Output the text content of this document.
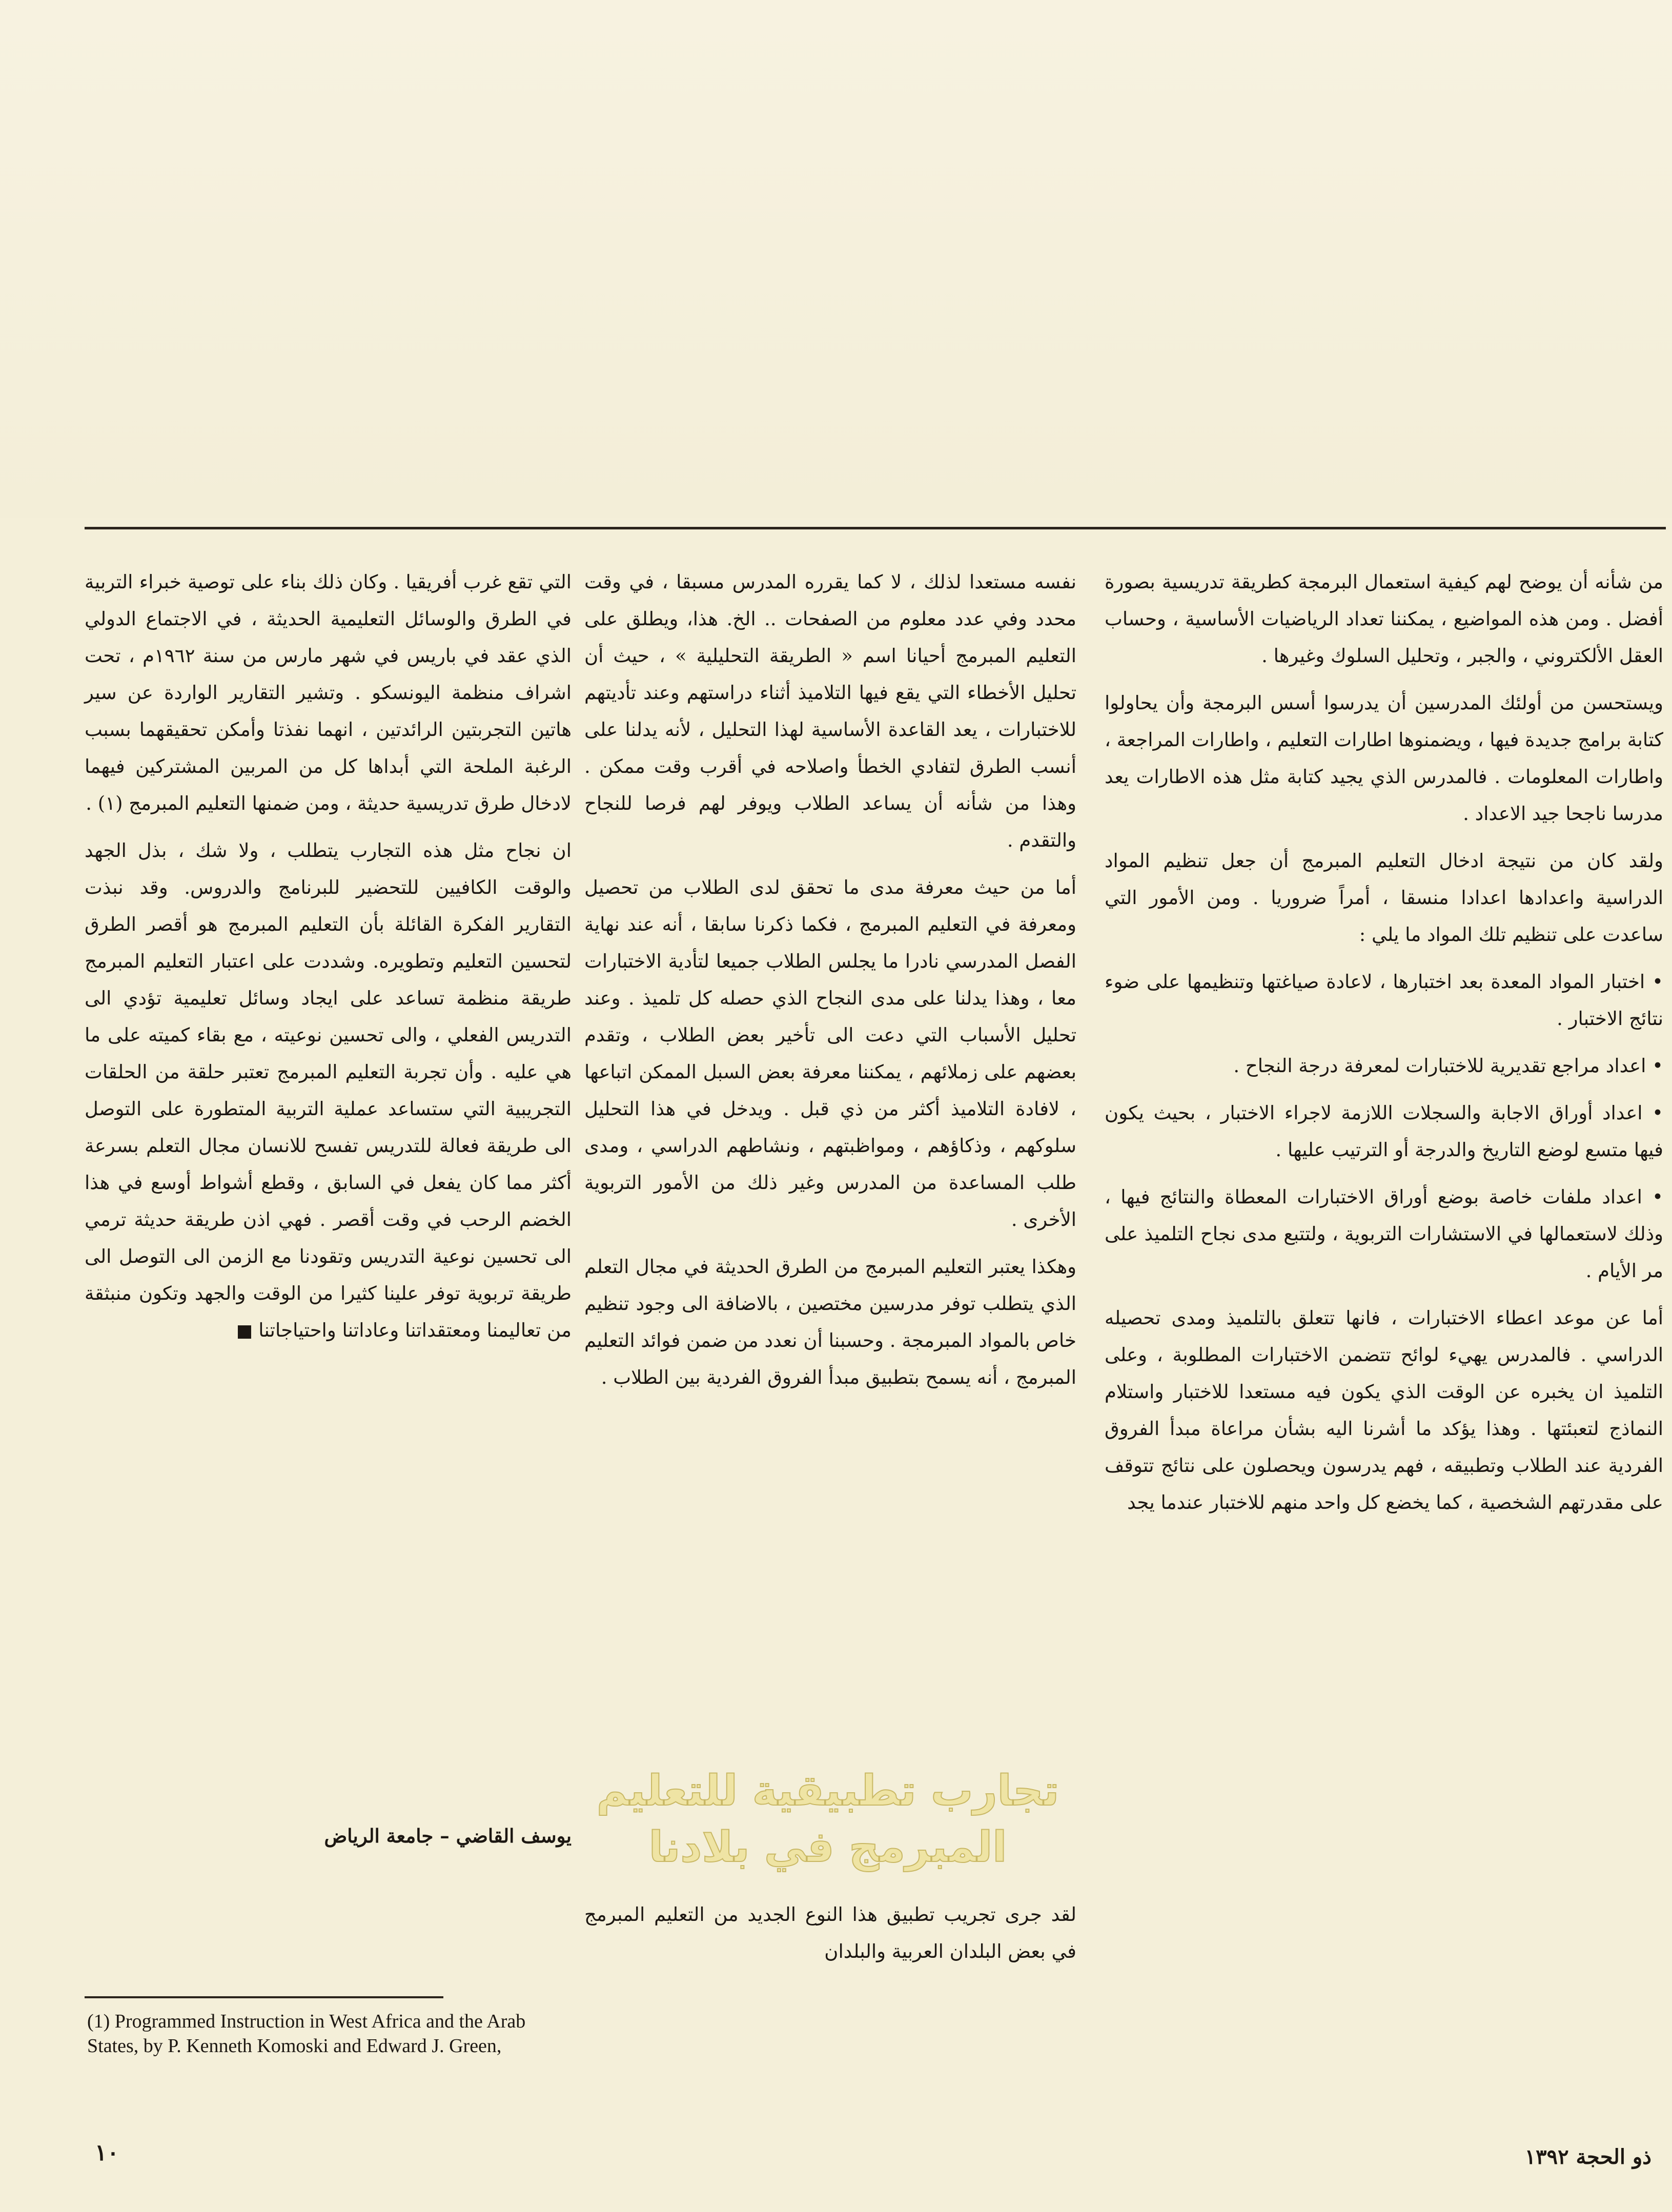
من شأنه أن يوضح لهم كيفية استعمال البرمجة كطريقة تدريسية بصورة أفضل . ومن هذه المواضيع ، يمكننا تعداد الرياضيات الأساسية ، وحساب العقل الألكتروني ، والجبر ، وتحليل السلوك وغيرها .

ويستحسن من أولئك المدرسين أن يدرسوا أسس البرمجة وأن يحاولوا كتابة برامج جديدة فيها ، ويضمنوها اطارات التعليم ، واطارات المراجعة ، واطارات المعلومات . فالمدرس الذي يجيد كتابة مثل هذه الاطارات يعد مدرسا ناجحا جيد الاعداد .

ولقد كان من نتيجة ادخال التعليم المبرمج أن جعل تنظيم المواد الدراسية واعدادها اعدادا منسقا ، أمراً ضروريا . ومن الأمور التي ساعدت على تنظيم تلك المواد ما يلي :

• اختبار المواد المعدة بعد اختبارها ، لاعادة صياغتها وتنظيمها على ضوء نتائج الاختبار .

• اعداد مراجع تقديرية للاختبارات لمعرفة درجة النجاح .

• اعداد أوراق الاجابة والسجلات اللازمة لاجراء الاختبار ، بحيث يكون فيها متسع لوضع التاريخ والدرجة أو الترتيب عليها .

• اعداد ملفات خاصة بوضع أوراق الاختبارات المعطاة والنتائج فيها ، وذلك لاستعمالها في الاستشارات التربوية ، ولتتبع مدى نجاح التلميذ على مر الأيام .

أما عن موعد اعطاء الاختبارات ، فانها تتعلق بالتلميذ ومدى تحصيله الدراسي . فالمدرس يهيء لوائح تتضمن الاختبارات المطلوبة ، وعلى التلميذ ان يخبره عن الوقت الذي يكون فيه مستعدا للاختبار واستلام النماذج لتعبئتها . وهذا يؤكد ما أشرنا اليه بشأن مراعاة مبدأ الفروق الفردية عند الطلاب وتطبيقه ، فهم يدرسون ويحصلون على نتائج تتوقف على مقدرتهم الشخصية ، كما يخضع كل واحد منهم للاختبار عندما يجد

نفسه مستعدا لذلك ، لا كما يقرره المدرس مسبقا ، في وقت محدد وفي عدد معلوم من الصفحات .. الخ. هذا، ويطلق على التعليم المبرمج أحيانا اسم « الطريقة التحليلية » ، حيث أن تحليل الأخطاء التي يقع فيها التلاميذ أثناء دراستهم وعند تأديتهم للاختبارات ، يعد القاعدة الأساسية لهذا التحليل ، لأنه يدلنا على أنسب الطرق لتفادي الخطأ واصلاحه في أقرب وقت ممكن . وهذا من شأنه أن يساعد الطلاب ويوفر لهم فرصا للنجاح والتقدم .

أما من حيث معرفة مدى ما تحقق لدى الطلاب من تحصيل ومعرفة في التعليم المبرمج ، فكما ذكرنا سابقا ، أنه عند نهاية الفصل المدرسي نادرا ما يجلس الطلاب جميعا لتأدية الاختبارات معا ، وهذا يدلنا على مدى النجاح الذي حصله كل تلميذ . وعند تحليل الأسباب التي دعت الى تأخير بعض الطلاب ، وتقدم بعضهم على زملائهم ، يمكننا معرفة بعض السبل الممكن اتباعها ، لافادة التلاميذ أكثر من ذي قبل . ويدخل في هذا التحليل سلوكهم ، وذكاؤهم ، ومواظبتهم ، ونشاطهم الدراسي ، ومدى طلب المساعدة من المدرس وغير ذلك من الأمور التربوية الأخرى .

وهكذا يعتبر التعليم المبرمج من الطرق الحديثة في مجال التعلم الذي يتطلب توفر مدرسين مختصين ، بالاضافة الى وجود تنظيم خاص بالمواد المبرمجة . وحسبنا أن نعدد من ضمن فوائد التعليم المبرمج ، أنه يسمح بتطبيق مبدأ الفروق الفردية بين الطلاب .

تجارب تطبيقية للتعليم
المبرمج في بلادنا

لقد جرى تجريب تطبيق هذا النوع الجديد من التعليم المبرمج في بعض البلدان العربية والبلدان

التي تقع غرب أفريقيا . وكان ذلك بناء على توصية خبراء التربية في الطرق والوسائل التعليمية الحديثة ، في الاجتماع الدولي الذي عقد في باريس في شهر مارس من سنة ١٩٦٢م ، تحت اشراف منظمة اليونسكو . وتشير التقارير الواردة عن سير هاتين التجربتين الرائدتين ، انهما نفذتا وأمكن تحقيقهما بسبب الرغبة الملحة التي أبداها كل من المربين المشتركين فيهما لادخال طرق تدريسية حديثة ، ومن ضمنها التعليم المبرمج (١) .

ان نجاح مثل هذه التجارب يتطلب ، ولا شك ، بذل الجهد والوقت الكافيين للتحضير للبرنامج والدروس. وقد نبذت التقارير الفكرة القائلة بأن التعليم المبرمج هو أقصر الطرق لتحسين التعليم وتطويره. وشددت على اعتبار التعليم المبرمج طريقة منظمة تساعد على ايجاد وسائل تعليمية تؤدي الى التدريس الفعلي ، والى تحسين نوعيته ، مع بقاء كميته على ما هي عليه . وأن تجربة التعليم المبرمج تعتبر حلقة من الحلقات التجريبية التي ستساعد عملية التربية المتطورة على التوصل الى طريقة فعالة للتدريس تفسح للانسان مجال التعلم بسرعة أكثر مما كان يفعل في السابق ، وقطع أشواط أوسع في هذا الخضم الرحب في وقت أقصر . فهي اذن طريقة حديثة ترمي الى تحسين نوعية التدريس وتقودنا مع الزمن الى التوصل الى طريقة تربوية توفر علينا كثيرا من الوقت والجهد وتكون منبثقة من تعاليمنا ومعتقداتنا وعاداتنا واحتياجاتنا

يوسف القاضي – جامعة الرياض
(1) Programmed Instruction in West Africa and the Arab States, by P. Kenneth Komoski and Edward J. Green,
١٠	ذو الحجة ١٣٩٢
